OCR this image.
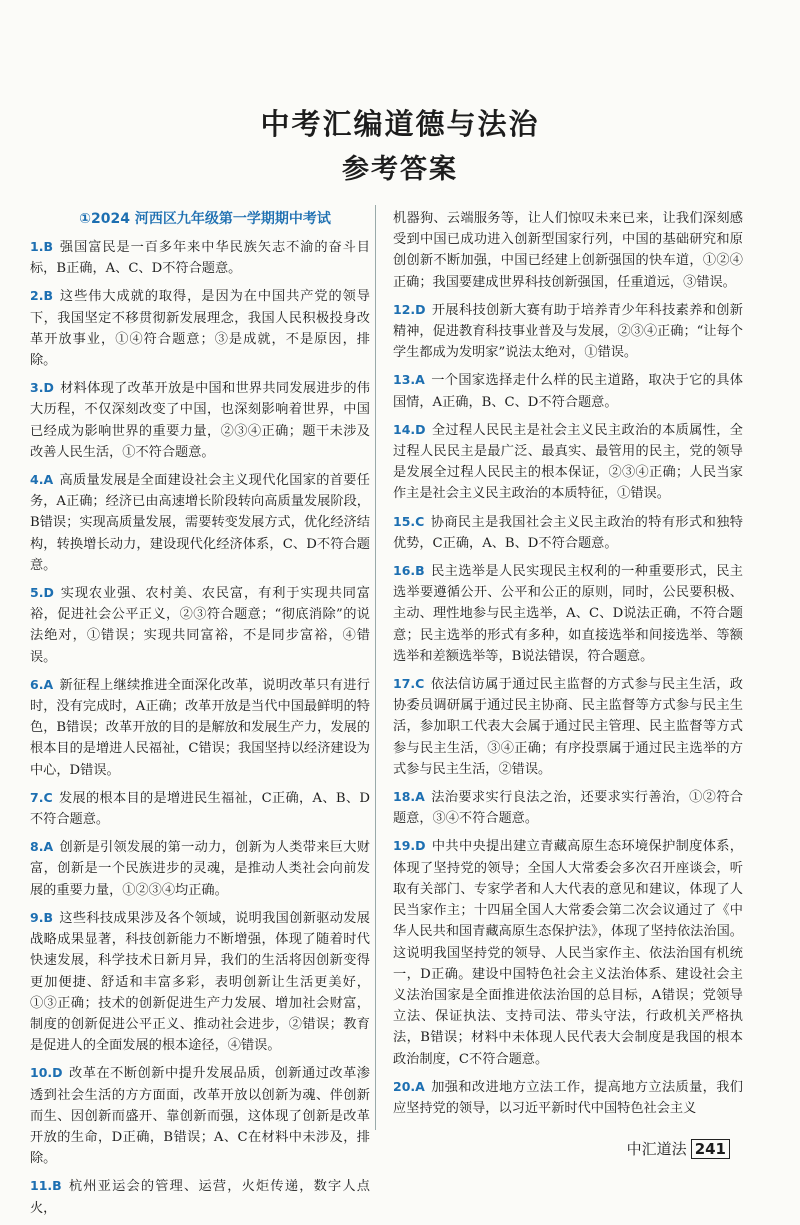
中考汇编道德与法治
参考答案
①2024 河西区九年级第一学期期中考试
1.B 强国富民是一百多年来中华民族矢志不渝的奋斗目标，B正确，A、C、D不符合题意。
2.B 这些伟大成就的取得，是因为在中国共产党的领导下，我国坚定不移贯彻新发展理念，我国人民积极投身改革开放事业，①④符合题意；③是成就，不是原因，排除。
3.D 材料体现了改革开放是中国和世界共同发展进步的伟大历程，不仅深刻改变了中国，也深刻影响着世界，中国已经成为影响世界的重要力量，②③④正确；题干未涉及改善人民生活，①不符合题意。
4.A 高质量发展是全面建设社会主义现代化国家的首要任务，A正确；经济已由高速增长阶段转向高质量发展阶段，B错误；实现高质量发展，需要转变发展方式，优化经济结构，转换增长动力，建设现代化经济体系，C、D不符合题意。
5.D 实现农业强、农村美、农民富，有利于实现共同富裕，促进社会公平正义，②③符合题意；“彻底消除”的说法绝对，①错误；实现共同富裕，不是同步富裕，④错误。
6.A 新征程上继续推进全面深化改革，说明改革只有进行时，没有完成时，A正确；改革开放是当代中国最鲜明的特色，B错误；改革开放的目的是解放和发展生产力，发展的根本目的是增进人民福祉，C错误；我国坚持以经济建设为中心，D错误。
7.C 发展的根本目的是增进民生福祉，C正确，A、B、D不符合题意。
8.A 创新是引领发展的第一动力，创新为人类带来巨大财富，创新是一个民族进步的灵魂，是推动人类社会向前发展的重要力量，①②③④均正确。
9.B 这些科技成果涉及各个领域，说明我国创新驱动发展战略成果显著，科技创新能力不断增强，体现了随着时代快速发展，科学技术日新月异，我们的生活将因创新变得更加便捷、舒适和丰富多彩，表明创新让生活更美好，①③正确；技术的创新促进生产力发展、增加社会财富，制度的创新促进公平正义、推动社会进步，②错误；教育是促进人的全面发展的根本途径，④错误。
10.D 改革在不断创新中提升发展品质，创新通过改革渗透到社会生活的方方面面，改革开放以创新为魂、伴创新而生、因创新而盛开、靠创新而强，这体现了创新是改革开放的生命，D正确，B错误；A、C在材料中未涉及，排除。
11.B 杭州亚运会的管理、运营，火炬传递，数字人点火，
机器狗、云端服务等，让人们惊叹未来已来，让我们深刻感受到中国已成功进入创新型国家行列，中国的基础研究和原创创新不断加强，中国已经建上创新强国的快车道，①②④正确；我国要建成世界科技创新强国，任重道远，③错误。
12.D 开展科技创新大赛有助于培养青少年科技素养和创新精神，促进教育科技事业普及与发展，②③④正确；“让每个学生都成为发明家”说法太绝对，①错误。
13.A 一个国家选择走什么样的民主道路，取决于它的具体国情，A正确，B、C、D不符合题意。
14.D 全过程人民民主是社会主义民主政治的本质属性，全过程人民民主是最广泛、最真实、最管用的民主，党的领导是发展全过程人民民主的根本保证，②③④正确；人民当家作主是社会主义民主政治的本质特征，①错误。
15.C 协商民主是我国社会主义民主政治的特有形式和独特优势，C正确，A、B、D不符合题意。
16.B 民主选举是人民实现民主权利的一种重要形式，民主选举要遵循公开、公平和公正的原则，同时，公民要积极、主动、理性地参与民主选举，A、C、D说法正确，不符合题意；民主选举的形式有多种，如直接选举和间接选举、等额选举和差额选举等，B说法错误，符合题意。
17.C 依法信访属于通过民主监督的方式参与民主生活，政协委员调研属于通过民主协商、民主监督等方式参与民主生活，参加职工代表大会属于通过民主管理、民主监督等方式参与民主生活，③④正确；有序投票属于通过民主选举的方式参与民主生活，②错误。
18.A 法治要求实行良法之治，还要求实行善治，①②符合题意，③④不符合题意。
19.D 中共中央提出建立青藏高原生态环境保护制度体系，体现了坚持党的领导；全国人大常委会多次召开座谈会，听取有关部门、专家学者和人大代表的意见和建议，体现了人民当家作主；十四届全国人大常委会第二次会议通过了《中华人民共和国青藏高原生态保护法》，体现了坚持依法治国。这说明我国坚持党的领导、人民当家作主、依法治国有机统一，D正确。建设中国特色社会主义法治体系、建设社会主义法治国家是全面推进依法治国的总目标，A错误；党领导立法、保证执法、支持司法、带头守法，行政机关严格执法，B错误；材料中未体现人民代表大会制度是我国的根本政治制度，C不符合题意。
20.A 加强和改进地方立法工作，提高地方立法质量，我们应坚持党的领导，以习近平新时代中国特色社会主义
中汇道法 241
